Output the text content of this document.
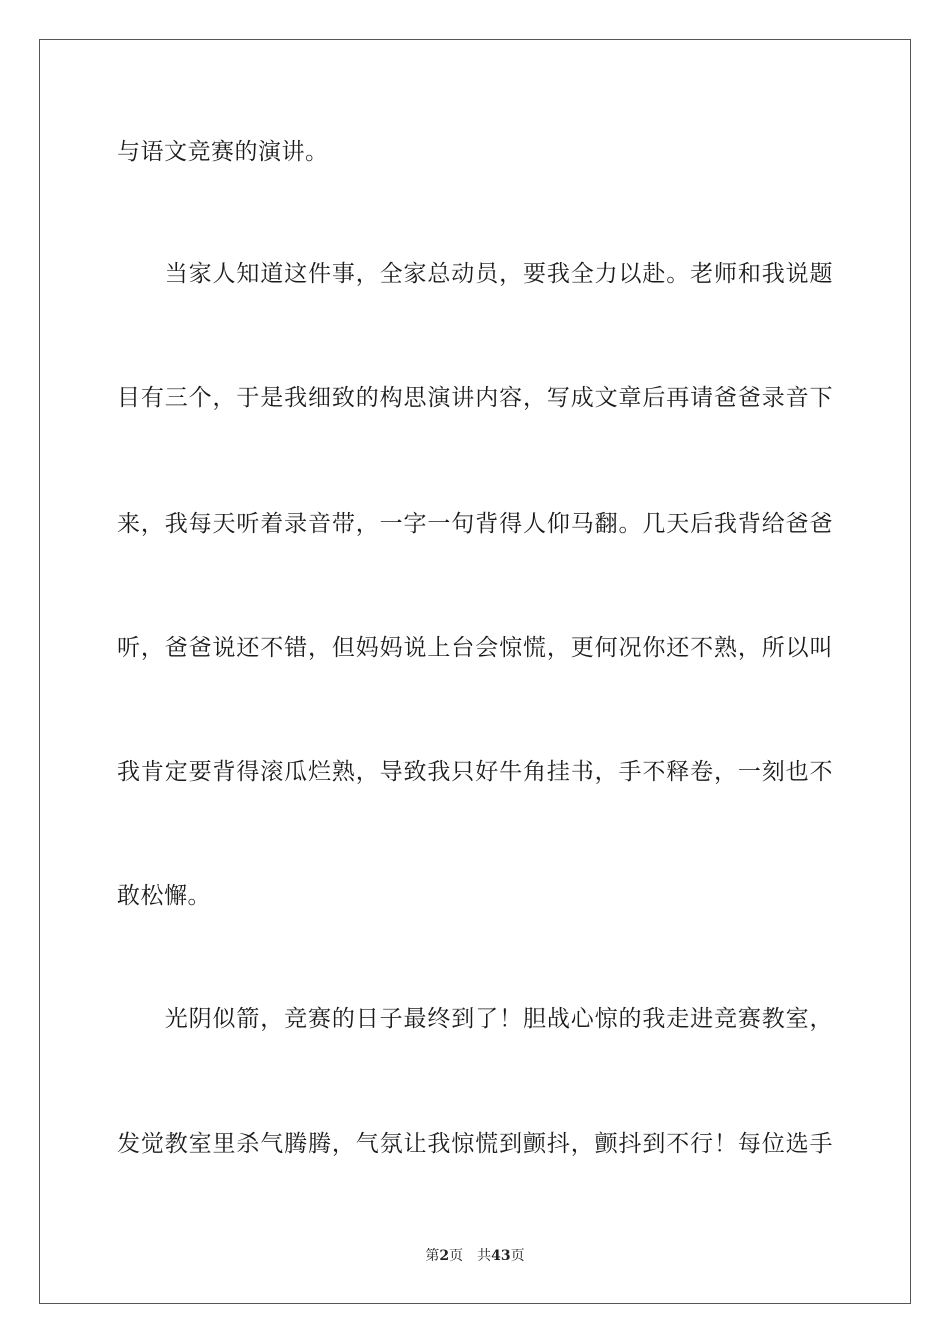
与语文竞赛的演讲。
　　当家人知道这件事，全家总动员，要我全力以赴。老师和我说题
目有三个，于是我细致的构思演讲内容，写成文章后再请爸爸录音下
来，我每天听着录音带，一字一句背得人仰马翻。几天后我背给爸爸
听，爸爸说还不错，但妈妈说上台会惊慌，更何况你还不熟，所以叫
我肯定要背得滚瓜烂熟，导致我只好牛角挂书，手不释卷，一刻也不
敢松懈。
　　光阴似箭，竞赛的日子最终到了！胆战心惊的我走进竞赛教室，
发觉教室里杀气腾腾，气氛让我惊慌到颤抖，颤抖到不行！每位选手
第2页 共43页
